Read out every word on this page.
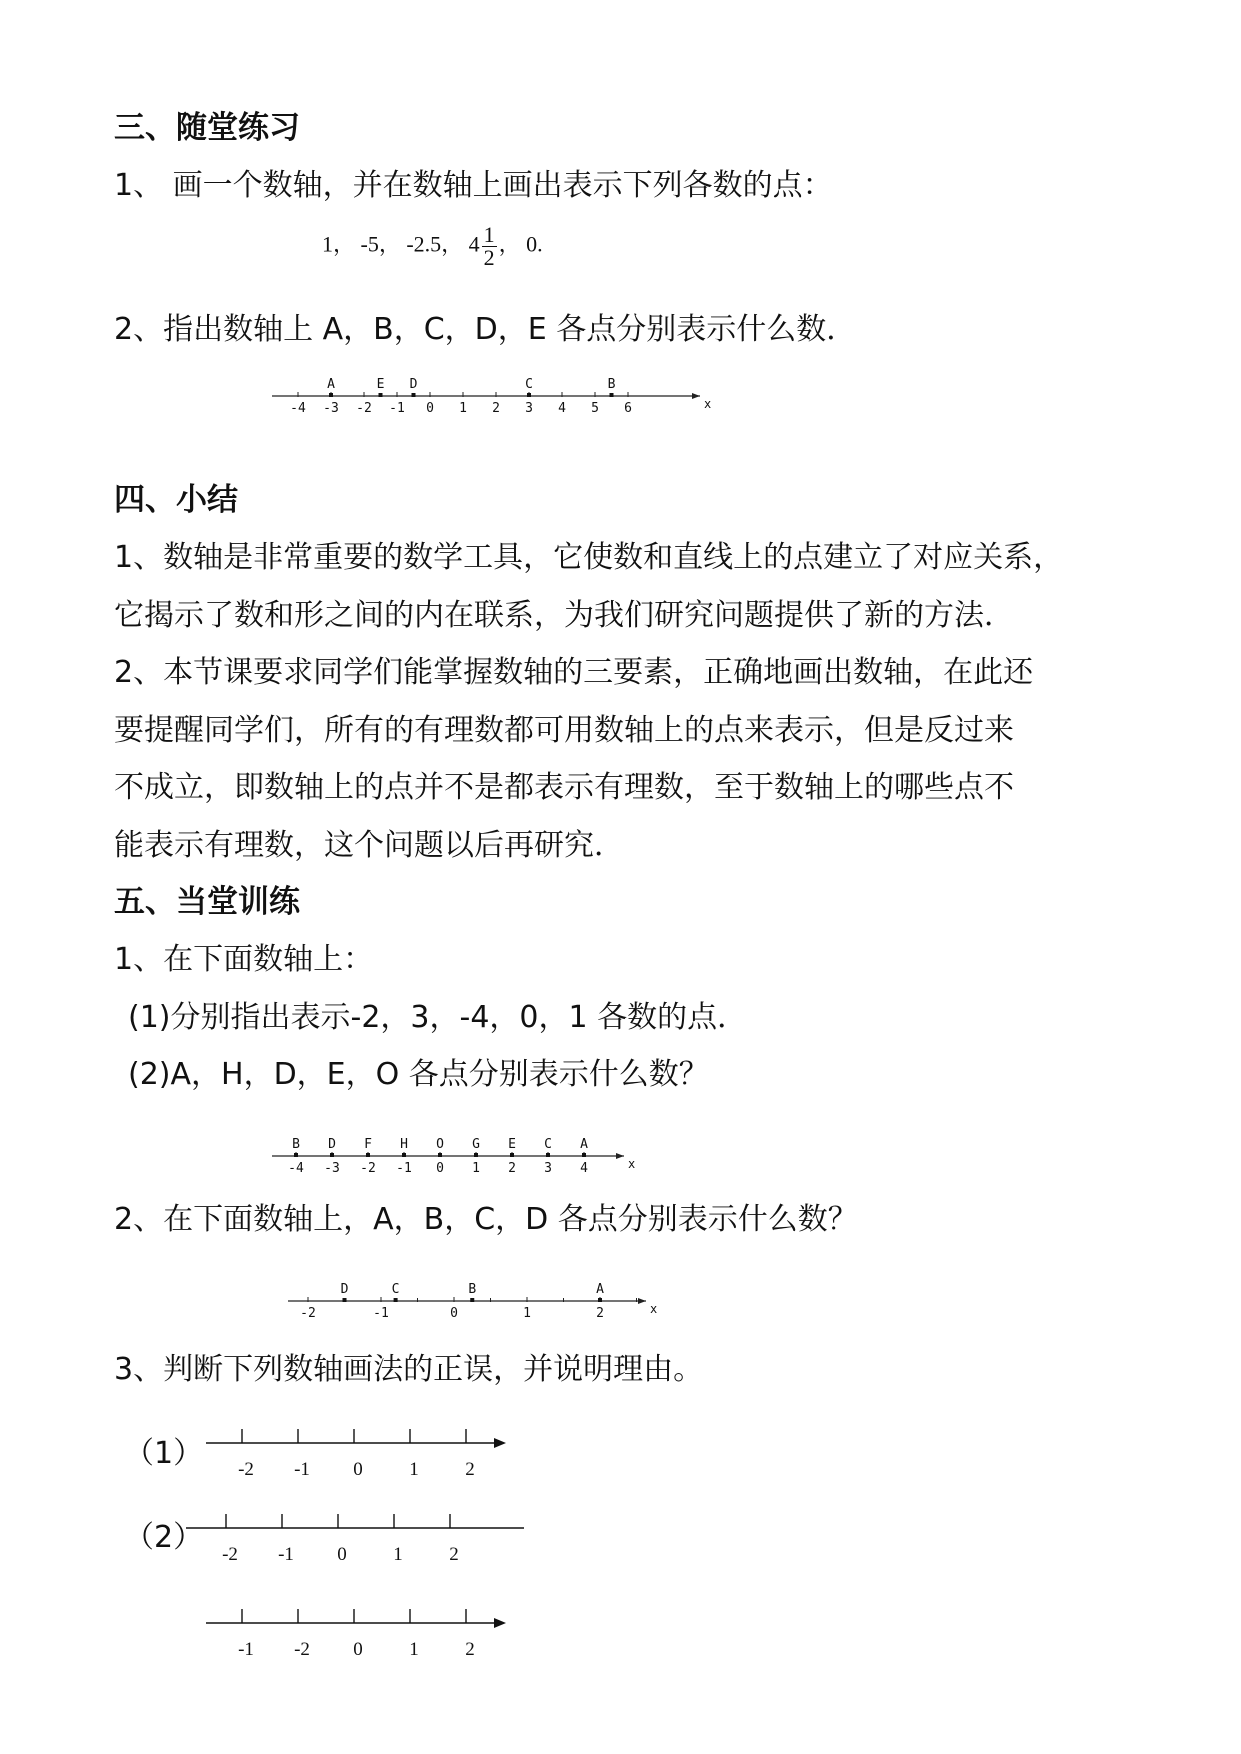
三、随堂练习
1、 画一个数轴，并在数轴上画出表示下列各数的点：
1， -5， -2.5， $4 \frac{1}{2}$ ， 0.
2、指出数轴上 A，B，C，D，E 各点分别表示什么数．
x
-4 -3 -2 -1 0 1 2 3 4 5 6
A	E D	C	B
四、小结
1、数轴是非常重要的数学工具，它使数和直线上的点建立了对应关系，
它揭示了数和形之间的内在联系，为我们研究问题提供了新的方法．
2、本节课要求同学们能掌握数轴的三要素，正确地画出数轴，在此还
要提醒同学们，所有的有理数都可用数轴上的点来表示，但是反过来
不成立，即数轴上的点并不是都表示有理数，至于数轴上的哪些点不
能表示有理数，这个问题以后再研究．
五、当堂训练
1、在下面数轴上：
(1)分别指出表示-2，3，-4，0，1 各数的点．
(2)A，H，D，E，O 各点分别表示什么数？
x
-4 -3 -2 -1 0 1 2 3 4
B D F H O G E C A
2、在下面数轴上，A，B，C，D 各点分别表示什么数？
x
-2	-1	0	1	2
D	C	B	A
3、判断下列数轴画法的正误，并说明理由。
（1） -2 -1 0 1 2
（2） -2 -1 0 1 2
-1 -2 0 1 2
